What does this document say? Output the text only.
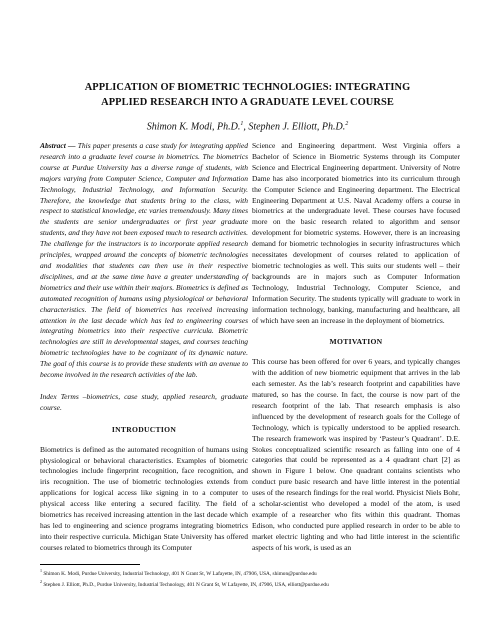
APPLICATION OF BIOMETRIC TECHNOLOGIES: INTEGRATING
APPLIED RESEARCH INTO A GRADUATE LEVEL COURSE
Shimon K. Modi, Ph.D.$^1$, Stephen J. Elliott, Ph.D.$^2$

Abstract — This paper presents a case study for integrating applied research into a graduate level course in biometrics. The biometrics course at Purdue University has a diverse range of students, with majors varying from Computer Science, Computer and Information Technology, Industrial Technology, and Information Security. Therefore, the knowledge that students bring to the class, with respect to statistical knowledge, etc varies tremendously. Many times the students are senior undergraduates or first year graduate students, and they have not been exposed much to research activities. The challenge for the instructors is to incorporate applied research principles, wrapped around the concepts of biometric technologies and modalities that students can then use in their respective disciplines, and at the same time have a greater understanding of biometrics and their use within their majors. Biometrics is defined as automated recognition of humans using physiological or behavioral characteristics. The field of biometrics has received increasing attention in the last decade which has led to engineering courses integrating biometrics into their respective curricula. Biometric technologies are still in developmental stages, and courses teaching biometric technologies have to be cognizant of its dynamic nature. The goal of this course is to provide these students with an avenue to become involved in the research activities of the lab.

Index Terms –biometrics, case study, applied research, graduate course.

INTRODUCTION

Biometrics is defined as the automated recognition of humans using physiological or behavioral characteristics. Examples of biometric technologies include fingerprint recognition, face recognition, and iris recognition. The use of biometric technologies extends from applications for logical access like signing in to a computer to physical access like entering a secured facility. The field of biometrics has received increasing attention in the last decade which has led to engineering and science programs integrating biometrics into their respective curricula. Michigan State University has offered courses related to biometrics through its Computer

Science and Engineering department. West Virginia offers a Bachelor of Science in Biometric Systems through its Computer Science and Electrical Engineering department. University of Notre Dame has also incorporated biometrics into its curriculum through the Computer Science and Engineering department. The Electrical Engineering Department at U.S. Naval Academy offers a course in biometrics at the undergraduate level. These courses have focused more on the basic research related to algorithm and sensor development for biometric systems. However, there is an increasing demand for biometric technologies in security infrastructures which necessitates development of courses related to application of biometric technologies as well. This suits our students well – their backgrounds are in majors such as Computer Information Technology, Industrial Technology, Computer Science, and Information Security. The students typically will graduate to work in information technology, banking, manufacturing and healthcare, all of which have seen an increase in the deployment of biometrics.

MOTIVATION

This course has been offered for over 6 years, and typically changes with the addition of new biometric equipment that arrives in the lab each semester. As the lab’s research footprint and capabilities have matured, so has the course. In fact, the course is now part of the research footprint of the lab. That research emphasis is also influenced by the development of research goals for the College of Technology, which is typically understood to be applied research. The research framework was inspired by ‘Pasteur’s Quadrant’. D.E. Stokes conceptualized scientific research as falling into one of 4 categories that could be represented as a 4 quadrant chart [2] as shown in Figure 1 below. One quadrant contains scientists who conduct pure basic research and have little interest in the potential uses of the research findings for the real world. Physicist Niels Bohr, a scholar-scientist who developed a model of the atom, is used example of a researcher who fits within this quadrant. Thomas Edison, who conducted pure applied research in order to be able to market electric lighting and who had little interest in the scientific aspects of his work, is used as an

$^1$ Shimon K. Modi, Purdue University, Industrial Technology, 401 N Grant St, W Lafayette, IN, 47906, USA, shimon@purdue.edu

$^2$ Stephen J. Elliott, Ph.D., Purdue University, Industrial Technology, 401 N Grant St, W Lafayette, IN, 47906, USA, elliott@purdue.edu
